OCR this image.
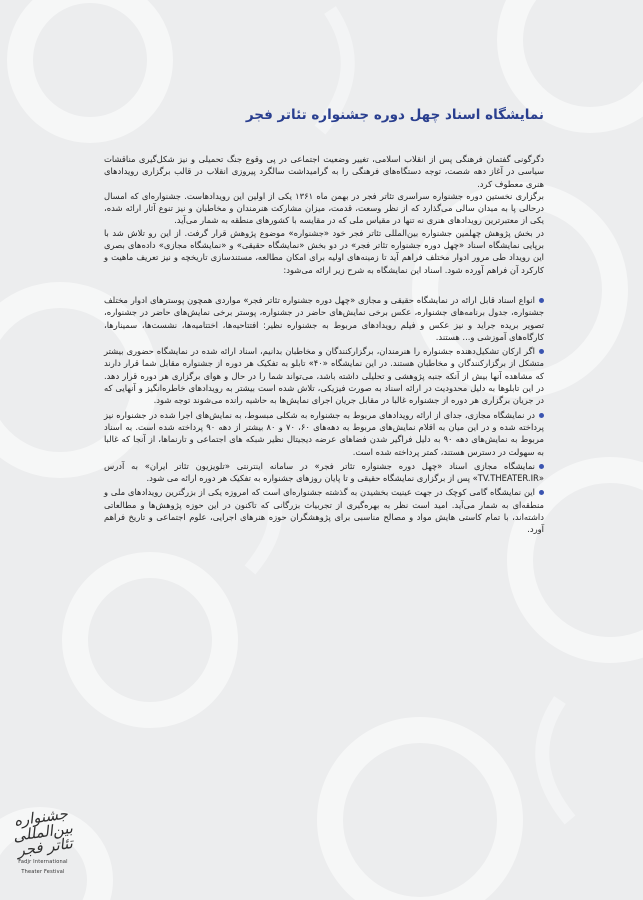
نمایشگاه اسناد چهل دوره جشنواره تئاتر فجر

دگرگونی گفتمان فرهنگی پس از انقلاب اسلامی، تغییر وضعیت اجتماعی در پی وقوع جنگ تحمیلی و نیز شکل‌گیری مناقشات سیاسی در آغاز دهه شصت، توجه دستگاه‌های فرهنگی را به گرامیداشت سالگرد پیروزی انقلاب در قالب برگزاری رویدادهای هنری معطوف کرد.

برگزاری نخستین دوره جشنواره سراسری تئاتر فجر در بهمن ماه ۱۳۶۱ یکی از اولین این رویدادهاست. جشنواره‌ای که امسال درحالی پا به میدان سالی می‌گذارد که از نظر وسعت، قدمت، میزان مشارکت هنرمندان و مخاطبان و نیز تنوع آثار ارائه شده، یکی از معتبرترین رویدادهای هنری نه تنها در مقیاس ملی که در مقایسه با کشورهای منطقه به شمار می‌آید.

در بخش پژوهش چهلمین جشنواره بین‌المللی تئاتر فجر خود «جشنواره» موضوع پژوهش قرار گرفت. از این رو تلاش شد با برپایی نمایشگاه اسناد «چهل دوره جشنواره تئاتر فجر» در دو بخش «نمایشگاه حقیقی» و «نمایشگاه مجازی» داده‌های بصری این رویداد طی مرور ادوار مختلف فراهم آید تا زمینه‌های اولیه برای امکان مطالعه، مستندسازی تاریخچه و نیز تعریف ماهیت و کارکرد آن فراهم آورده شود. اسناد این نمایشگاه به شرح زیر ارائه می‌شود:

انواع اسناد قابل ارائه در نمایشگاه حقیقی و مجازی «چهل دوره جشنواره تئاتر فجر» مواردی همچون پوسترهای ادوار مختلف جشنواره، جدول برنامه‌های جشنواره، عکس برخی نمایش‌های حاضر در جشنواره، پوستر برخی نمایش‌های حاضر در جشنواره، تصویر بریده جراید و نیز عکس و فیلم رویدادهای مربوط به جشنواره نظیر: افتتاحیه‌ها، اختتامیه‌ها، نشست‌ها، سمینارها، کارگاه‌های آموزشی و... هستند.
اگر ارکان تشکیل‌دهنده جشنواره را هنرمندان، برگزارکنندگان و مخاطبان بدانیم، اسناد ارائه شده در نمایشگاه حضوری بیشتر متشکل از برگزارکنندگان و مخاطبان هستند. در این نمایشگاه «۴۰» تابلو به تفکیک هر دوره از جشنواره مقابل شما قرار دارند که مشاهده آنها بیش از آنکه جنبه پژوهشی و تحلیلی داشته باشد، می‌تواند شما را در حال و هوای برگزاری هر دوره قرار دهد. در این تابلوها به دلیل محدودیت در ارائه اسناد به صورت فیزیکی، تلاش شده است بیشتر به رویدادهای خاطره‌انگیز و آنهایی که در جریان برگزاری هر دوره از جشنواره غالبا در مقابل جریان اجرای نمایش‌ها به حاشیه رانده می‌شوند توجه شود.
در نمایشگاه مجازی، جدای از ارائه رویدادهای مربوط به جشنواره به شکلی مبسوط، به نمایش‌های اجرا شده در جشنواره نیز پرداخته شده و در این میان به اقلام نمایش‌های مربوط به دهه‌های ۶۰، ۷۰ و ۸۰ بیشتر از دهه ۹۰ پرداخته شده است. به اسناد مربوط به نمایش‌های دهه ۹۰ به دلیل فراگیر شدن فضاهای عرضه دیجیتال نظیر شبکه های اجتماعی و تارنماها، از آنجا که غالبا به سهولت در دسترس هستند، کمتر پرداخته شده است.
نمایشگاه مجازی اسناد «چهل دوره جشنواره تئاتر فجر» در سامانه اینترنتی «تلویزیون تئاتر ایران» به آدرس «TV.THEATER.IR» پس از برگزاری نمایشگاه حقیقی و تا پایان روزهای جشنواره به تفکیک هر دوره ارائه می شود.
این نمایشگاه گامی کوچک در جهت عینیت بخشیدن به گذشته جشنواره‌ای است که امروزه یکی از بزرگترین رویدادهای ملی و منطقه‌ای به شمار می‌آید. امید است نظر به بهره‌گیری از تجربیات بزرگانی که تاکنون در این حوزه پژوهش‌ها و مطالعاتی داشته‌اند، با تمام کاستی هایش مواد و مصالح مناسبی برای پژوهشگران حوزه هنرهای اجرایی، علوم اجتماعی و تاریخ فراهم آورد.
جشنواره بین‌المللی تئاتر فجر
Fadjr International
Theater Festival
